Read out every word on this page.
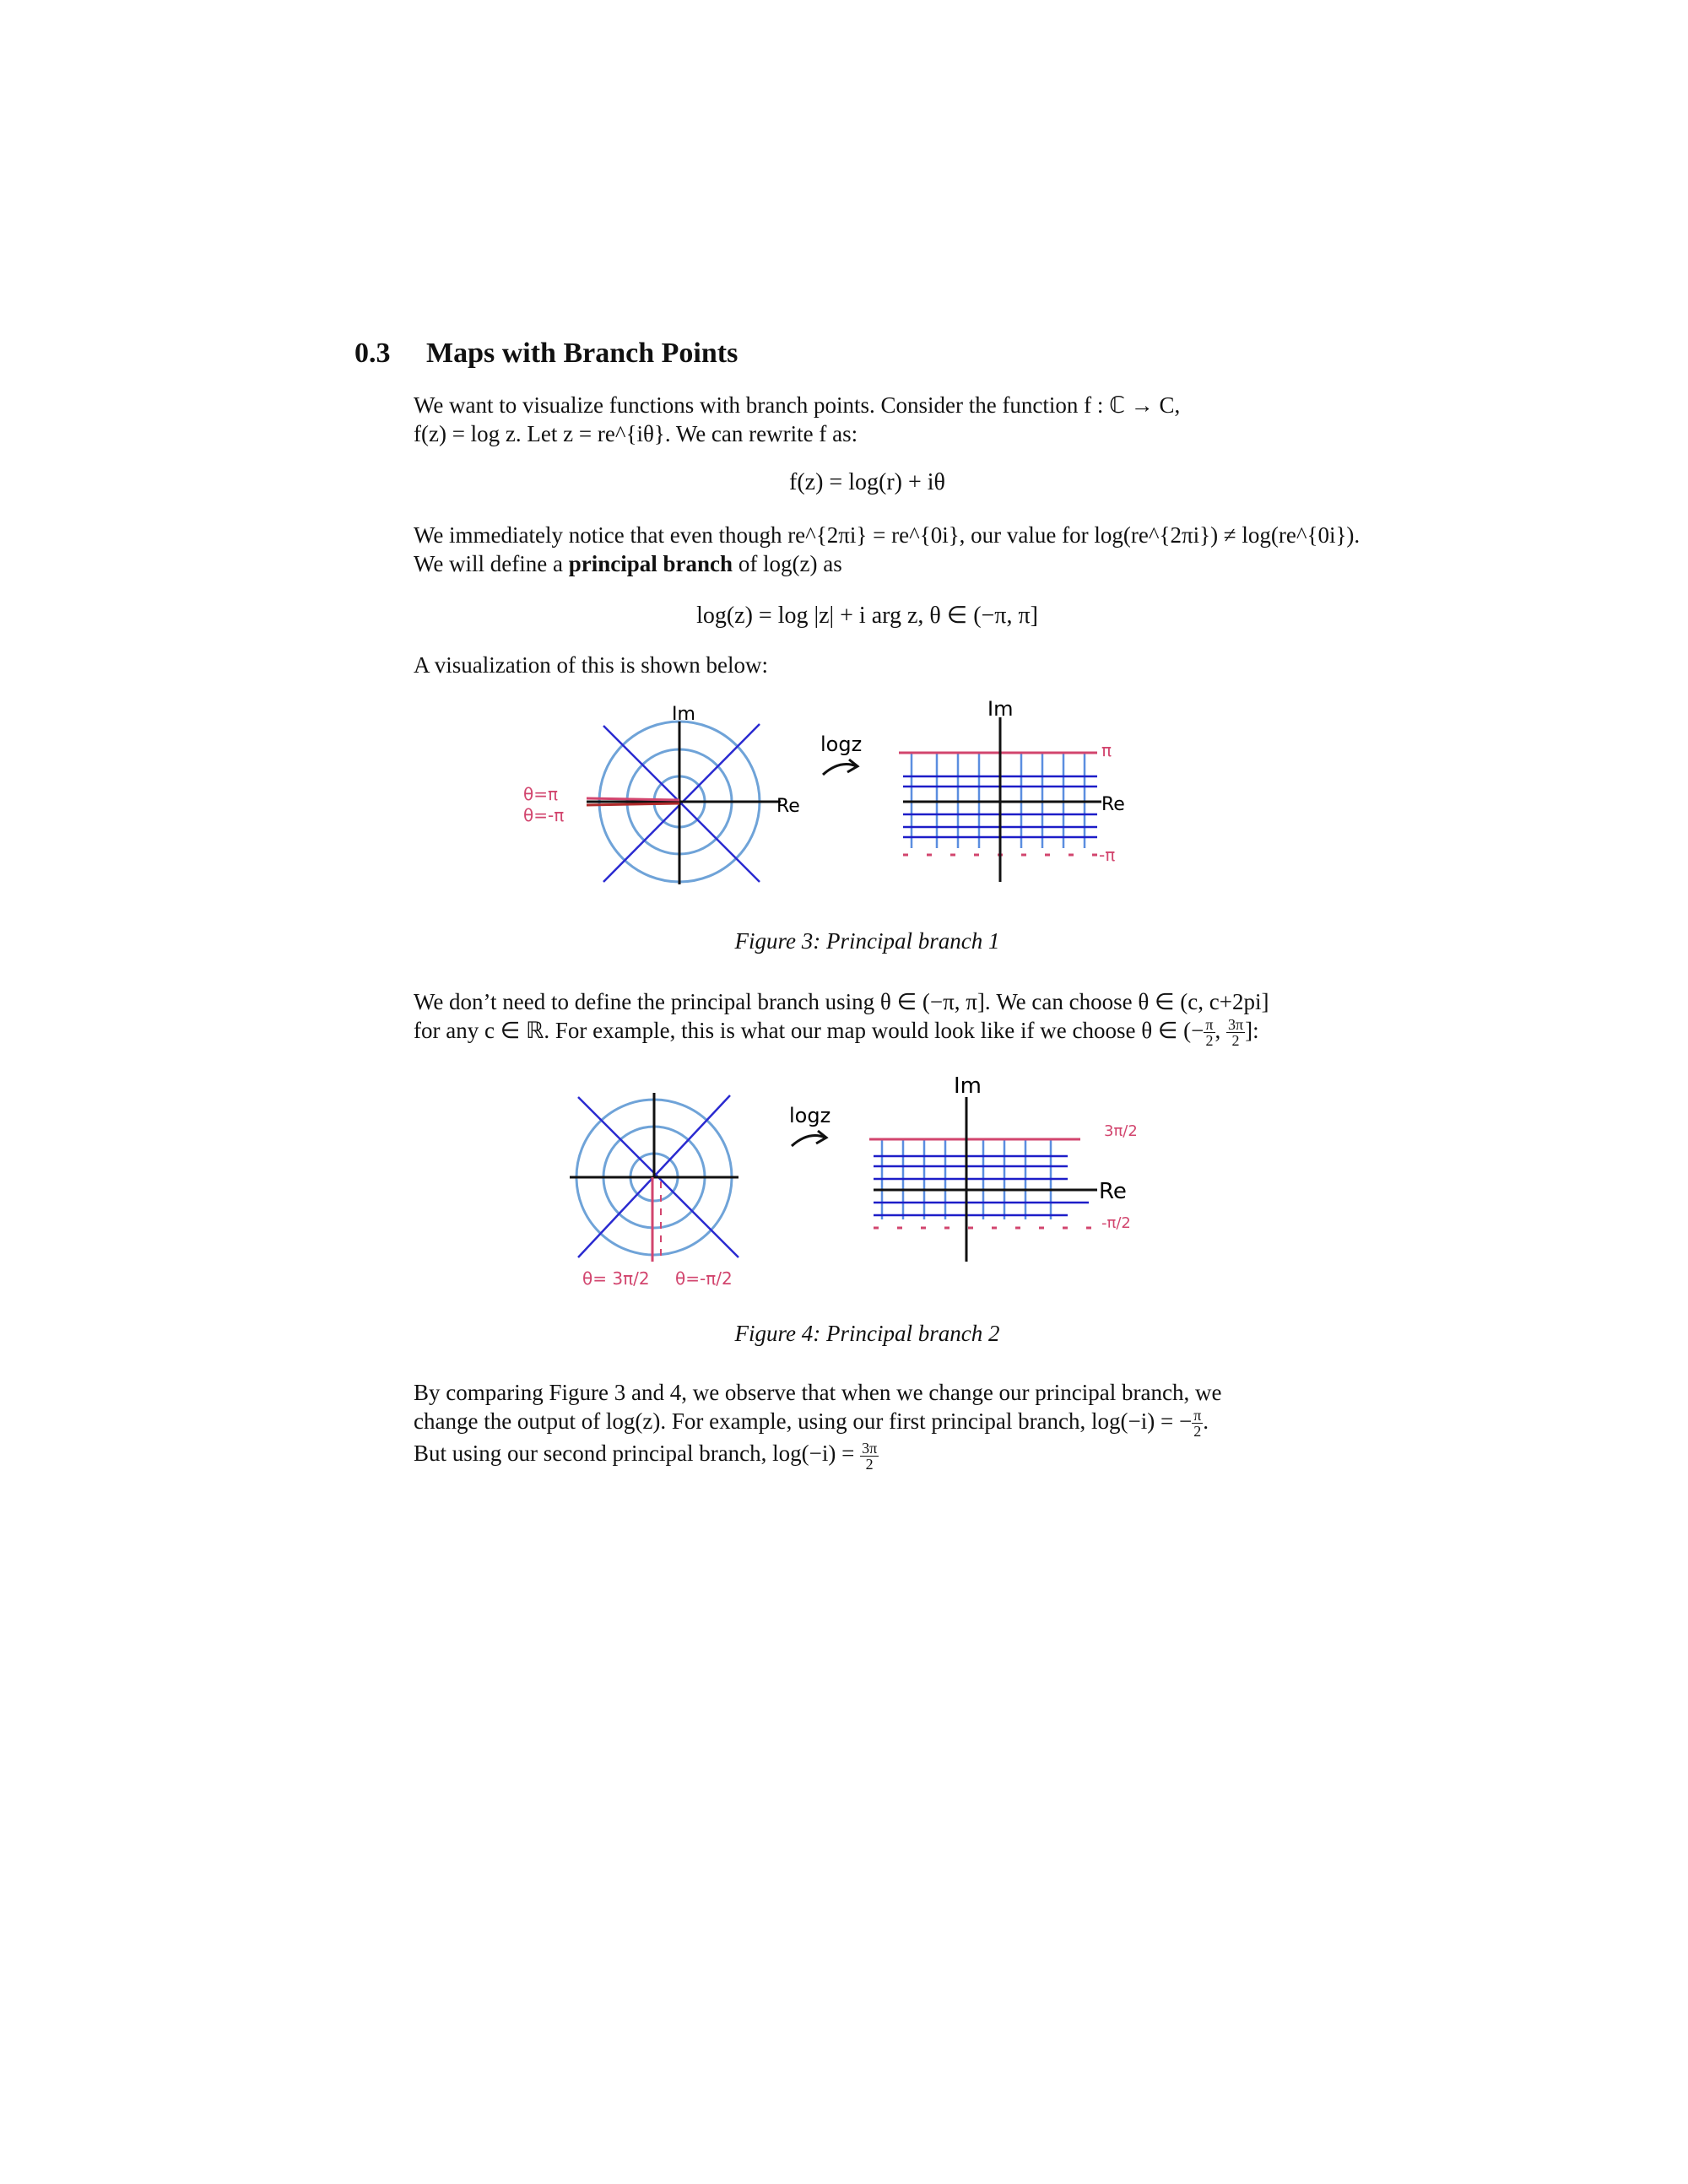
0.3 Maps with Branch Points
We want to visualize functions with branch points. Consider the function f : ℂ → C,
f(z) = log z. Let z = re^{iθ}. We can rewrite f as:
f(z) = log(r) + iθ
We immediately notice that even though re^{2πi} = re^{0i}, our value for log(re^{2πi}) ≠ log(re^{0i}).
We will define a principal branch of log(z) as
log(z) = log |z| + i arg z, θ ∈ (−π, π]
A visualization of this is shown below:
Im
Re
θ=π
θ=-π
logz
Im
Re
π
-π
Figure 3: Principal branch 1
We don’t need to define the principal branch using θ ∈ (−π, π]. We can choose θ ∈ (c, c+2pi]
for any c ∈ ℝ. For example, this is what our map would look like if we choose θ ∈ (− $\frac{\pi}{2}$ , $\frac{3\pi}{2}$ ]:
θ= 3π/2 θ=-π/2
logz
Im
Re
3π/2
-π/2
Figure 4: Principal branch 2
By comparing Figure 3 and 4, we observe that when we change our principal branch, we
change the output of log(z). For example, using our first principal branch, log(−i) = − $\frac{\pi}{2}$ .
But using our second principal branch, $\log(-i) = \frac{3\pi}{2}$
